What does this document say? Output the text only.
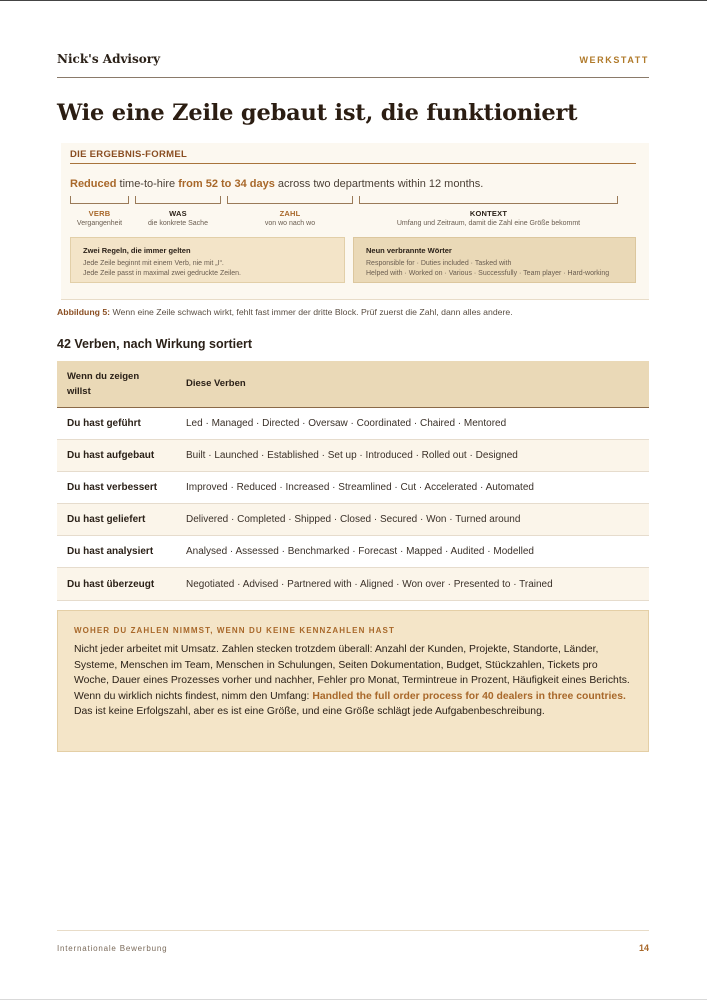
Nick's Advisory	WERKSTATT
Wie eine Zeile gebaut ist, die funktioniert
DIE ERGEBNIS-FORMEL
Reduced time-to-hire from 52 to 34 days across two departments within 12 months.
VERB
Vergangenheit
WAS
die konkrete Sache
ZAHL
von wo nach wo
KONTEXT
Umfang und Zeitraum, damit die Zahl eine Größe bekommt
Zwei Regeln, die immer gelten
Jede Zeile beginnt mit einem Verb, nie mit „I“.
Jede Zeile passt in maximal zwei gedruckte Zeilen.
Neun verbrannte Wörter
Responsible for · Duties included · Tasked with
Helped with · Worked on · Various · Successfully · Team player · Hard-working
Abbildung 5: Wenn eine Zeile schwach wirkt, fehlt fast immer der dritte Block. Prüf zuerst die Zahl, dann alles andere.
42 Verben, nach Wirkung sortiert
Wenn du zeigen willst	Diese Verben
Du hast geführt	Led · Managed · Directed · Oversaw · Coordinated · Chaired · Mentored
Du hast aufgebaut	Built · Launched · Established · Set up · Introduced · Rolled out · Designed
Du hast verbessert	Improved · Reduced · Increased · Streamlined · Cut · Accelerated · Automated
Du hast geliefert	Delivered · Completed · Shipped · Closed · Secured · Won · Turned around
Du hast analysiert	Analysed · Assessed · Benchmarked · Forecast · Mapped · Audited · Modelled
Du hast überzeugt	Negotiated · Advised · Partnered with · Aligned · Won over · Presented to · Trained
WOHER DU ZAHLEN NIMMST, WENN DU KEINE KENNZAHLEN HAST

Nicht jeder arbeitet mit Umsatz. Zahlen stecken trotzdem überall: Anzahl der Kunden, Projekte, Standorte, Länder, Systeme, Menschen im Team, Menschen in Schulungen, Seiten Dokumentation, Budget, Stückzahlen, Tickets pro Woche, Dauer eines Prozesses vorher und nachher, Fehler pro Monat, Termintreue in Prozent, Häufigkeit eines Berichts. Wenn du wirklich nichts findest, nimm den Umfang: Handled the full order process for 40 dealers in three countries. Das ist keine Erfolgszahl, aber es ist eine Größe, und eine Größe schlägt jede Aufgabenbeschreibung.

Internationale Bewerbung	14
